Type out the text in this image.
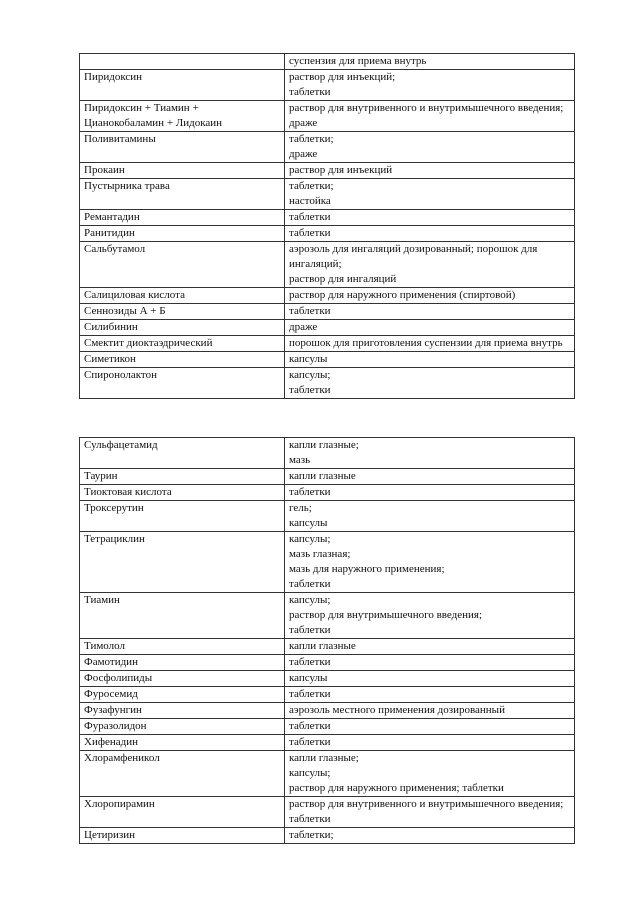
	суспензия для приема внутрь

Пиридоксин	раствор для инъекций;
таблетки

Пиридоксин + Тиамин + Цианокобаламин + Лидокаин	раствор для внутривенного и внутримышечного введения;
драже

Поливитамины	таблетки;
драже

Прокаин	раствор для инъекций

Пустырника трава	таблетки;
настойка

Ремантадин	таблетки

Ранитидин	таблетки

Сальбутамол	аэрозоль для ингаляций дозированный; порошок для ингаляций;
раствор для ингаляций

Салициловая кислота	раствор для наружного применения (спиртовой)

Сеннозиды А + Б	таблетки

Силибинин	драже

Смектит диоктаэдрический	порошок для приготовления суспензии для приема внутрь

Симетикон	капсулы

Спиронолактон	капсулы;
таблетки
Сульфацетамид	капли глазные;
мазь

Таурин	капли глазные

Тиоктовая кислота	таблетки

Троксерутин	гель;
капсулы

Тетрациклин	капсулы;
мазь глазная;
мазь для наружного применения;
таблетки

Тиамин	капсулы;
раствор для внутримышечного введения;
таблетки

Тимолол	капли глазные

Фамотидин	таблетки

Фосфолипиды	капсулы

Фуросемид	таблетки

Фузафунгин	аэрозоль местного применения дозированный

Фуразолидон	таблетки

Хифенадин	таблетки

Хлорамфеникол	капли глазные;
капсулы;
раствор для наружного применения; таблетки

Хлоропирамин	раствор для внутривенного и внутримышечного введения;
таблетки

Цетиризин	таблетки;
